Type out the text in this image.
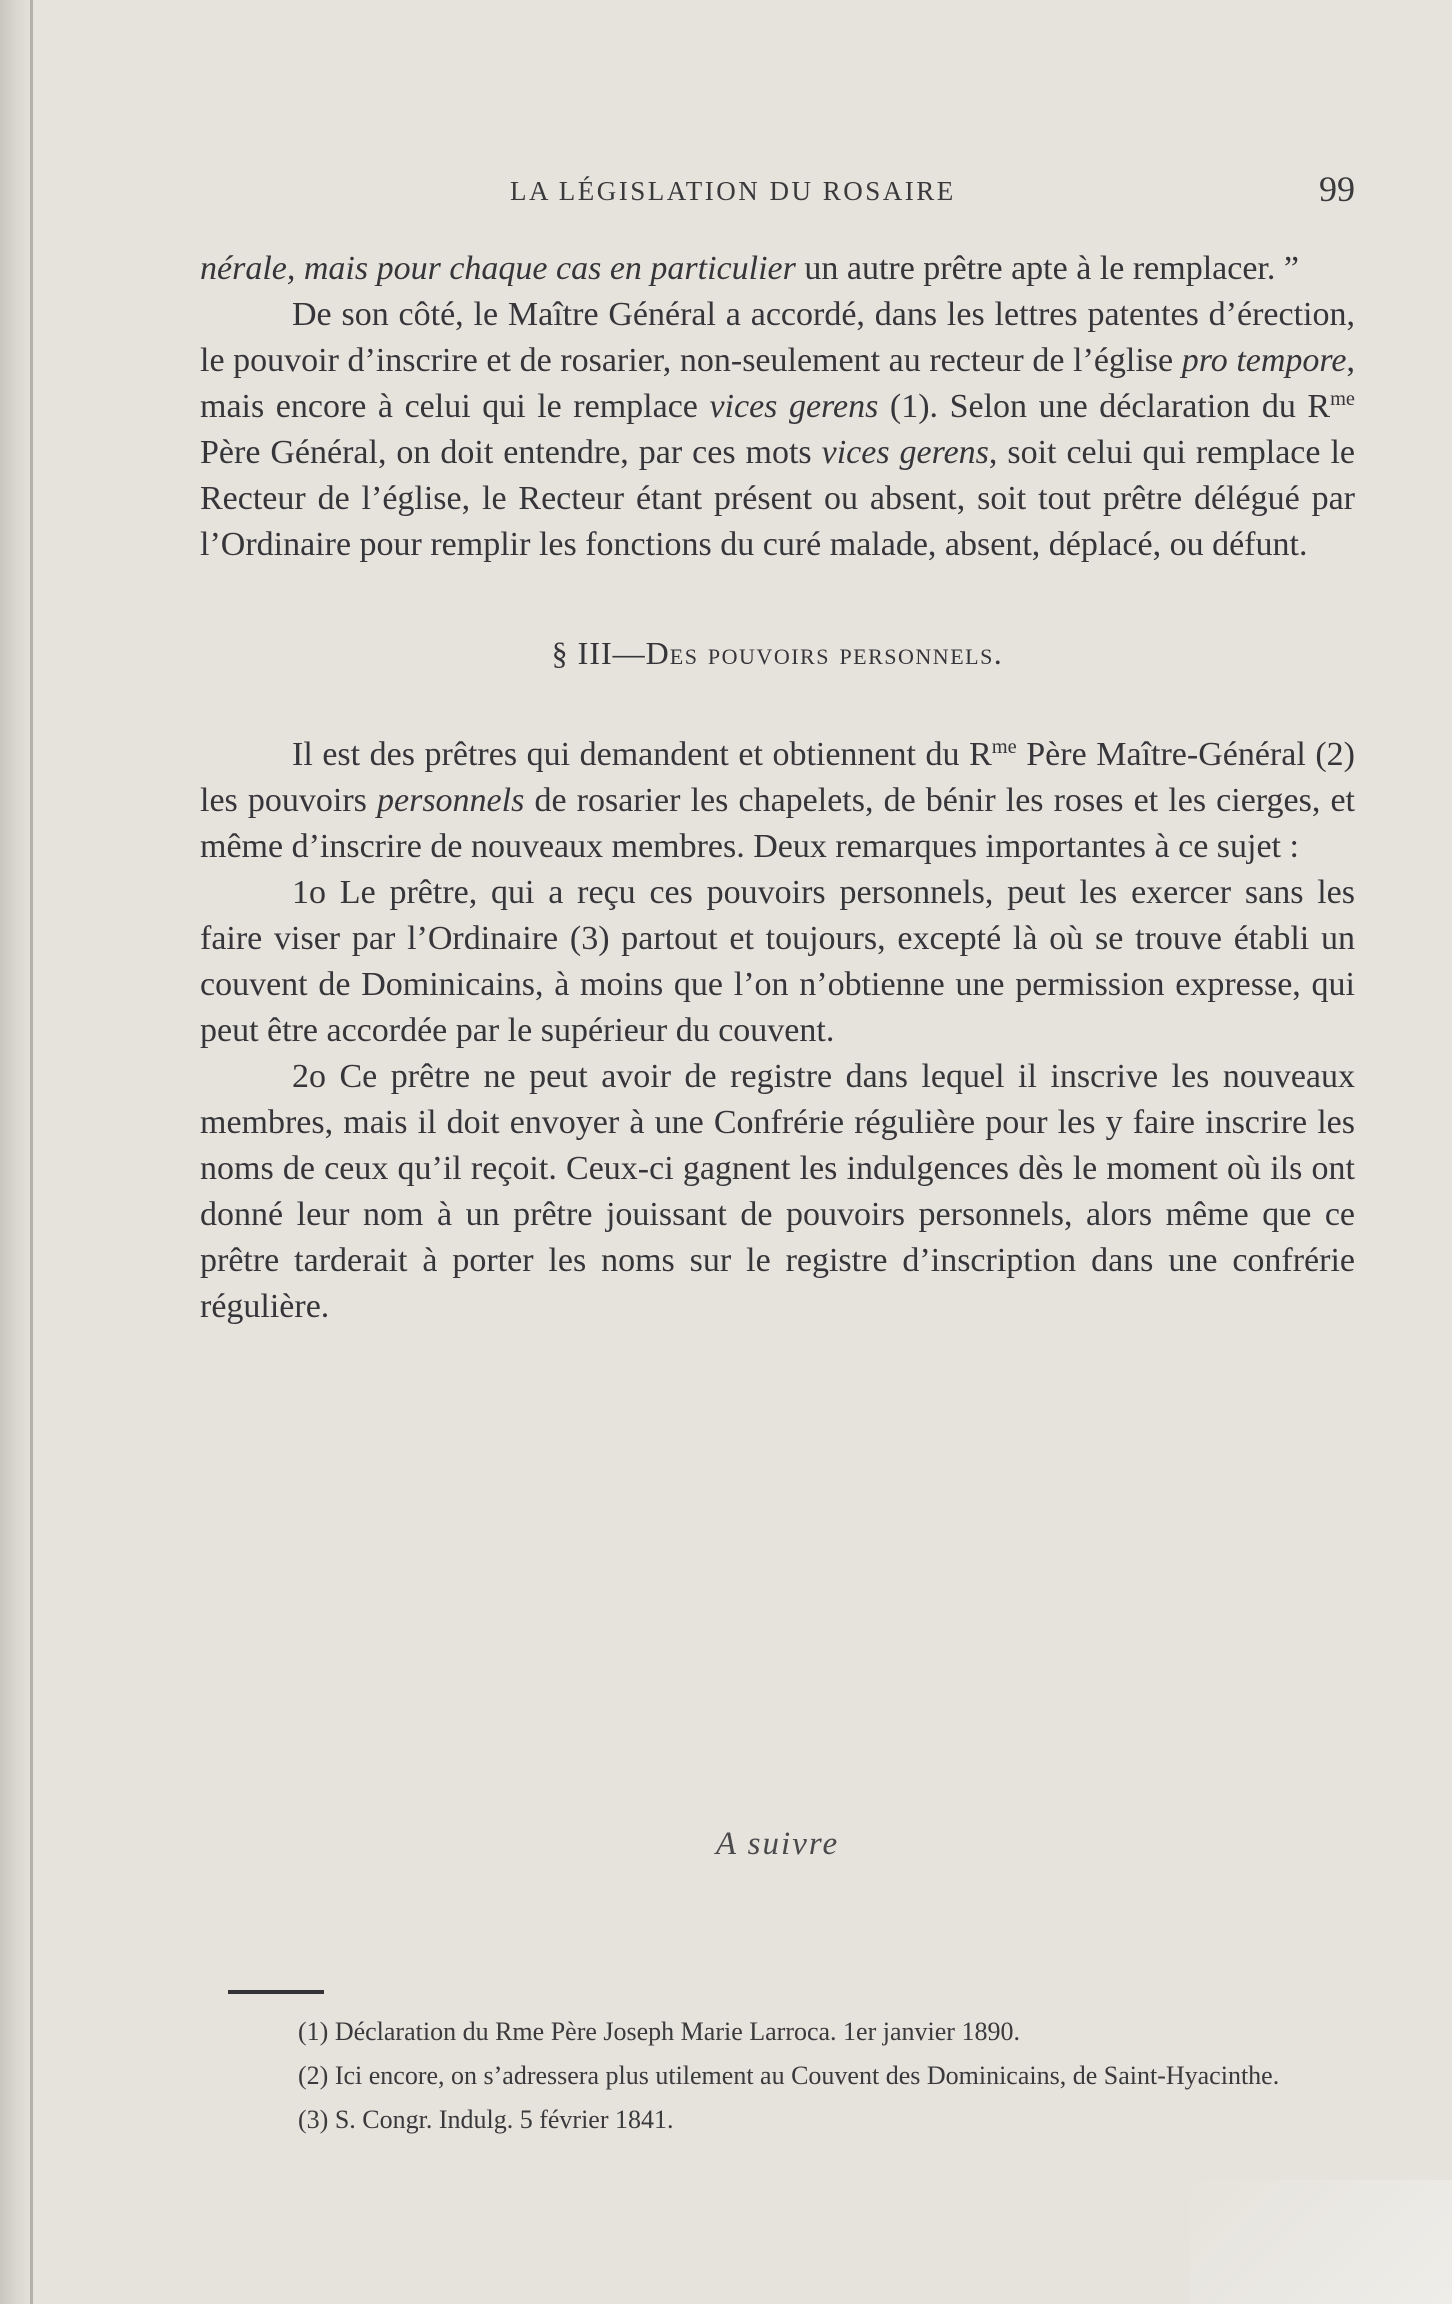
LA LÉGISLATION DU ROSAIRE	99

nérale, mais pour chaque cas en particulier un autre prêtre apte à le remplacer. ”

De son côté, le Maître Général a accordé, dans les lettres patentes d’érection, le pouvoir d’inscrire et de rosarier, non-seulement au recteur de l’église pro tempore, mais encore à celui qui le remplace vices gerens (1). Selon une déclaration du $R^{me}$ Père Général, on doit entendre, par ces mots vices gerens, soit celui qui remplace le Recteur de l’église, le Recteur étant présent ou absent, soit tout prêtre délégué par l’Ordinaire pour remplir les fonctions du curé malade, absent, déplacé, ou défunt.

§ III—Des pouvoirs personnels.

Il est des prêtres qui demandent et obtiennent du $R^{me}$ Père Maître-Général (2) les pouvoirs personnels de rosarier les chapelets, de bénir les roses et les cierges, et même d’inscrire de nouveaux membres. Deux remarques importantes à ce sujet :

1o Le prêtre, qui a reçu ces pouvoirs personnels, peut les exercer sans les faire viser par l’Ordinaire (3) partout et toujours, excepté là où se trouve établi un couvent de Dominicains, à moins que l’on n’obtienne une permission expresse, qui peut être accordée par le supérieur du couvent.

2o Ce prêtre ne peut avoir de registre dans lequel il inscrive les nouveaux membres, mais il doit envoyer à une Confrérie régulière pour les y faire inscrire les noms de ceux qu’il reçoit. Ceux-ci gagnent les indulgences dès le moment où ils ont donné leur nom à un prêtre jouissant de pouvoirs personnels, alors même que ce prêtre tarderait à porter les noms sur le registre d’inscription dans une confrérie régulière.

A suivre

(1) Déclaration du Rme Père Joseph Marie Larroca. 1er janvier 1890.

(2) Ici encore, on s’adressera plus utilement au Couvent des Dominicains, de Saint-Hyacinthe.

(3) S. Congr. Indulg. 5 février 1841.
